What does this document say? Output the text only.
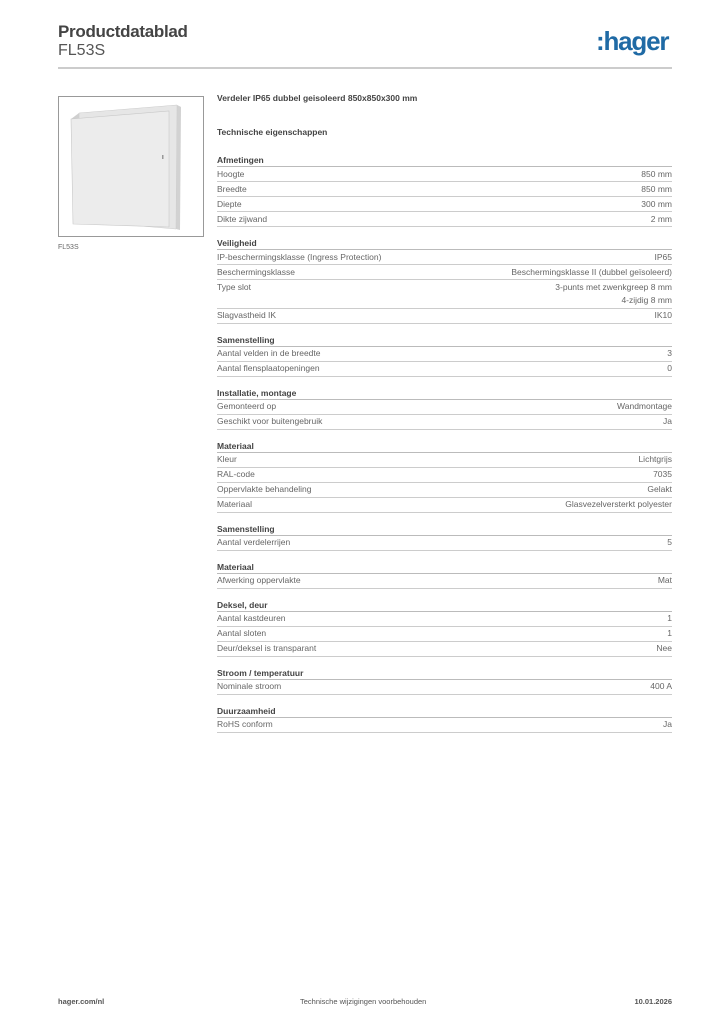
Productdatablad
FL53S	:hager
FL53S
Verdeler IP65 dubbel geisoleerd 850x850x300 mm
Technische eigenschappen
Afmetingen
Hoogte	850 mm
Breedte	850 mm
Diepte	300 mm
Dikte zijwand	2 mm
Veiligheid
IP-beschermingsklasse (Ingress Protection)	IP65
Beschermingsklasse	Beschermingsklasse II (dubbel geïsoleerd)
Type slot	3-punts met zwenkgreep 8 mm
4-zijdig 8 mm
Slagvastheid IK	IK10
Samenstelling
Aantal velden in de breedte	3
Aantal flensplaatopeningen	0
Installatie, montage
Gemonteerd op	Wandmontage
Geschikt voor buitengebruik	Ja
Materiaal
Kleur	Lichtgrijs
RAL-code	7035
Oppervlakte behandeling	Gelakt
Materiaal	Glasvezelversterkt polyester
Samenstelling
Aantal verdelerrijen	5
Materiaal
Afwerking oppervlakte	Mat
Deksel, deur
Aantal kastdeuren	1
Aantal sloten	1
Deur/deksel is transparant	Nee
Stroom / temperatuur
Nominale stroom	400 A
Duurzaamheid
RoHS conform	Ja
hager.com/nl	Technische wijzigingen voorbehouden	10.01.2026
